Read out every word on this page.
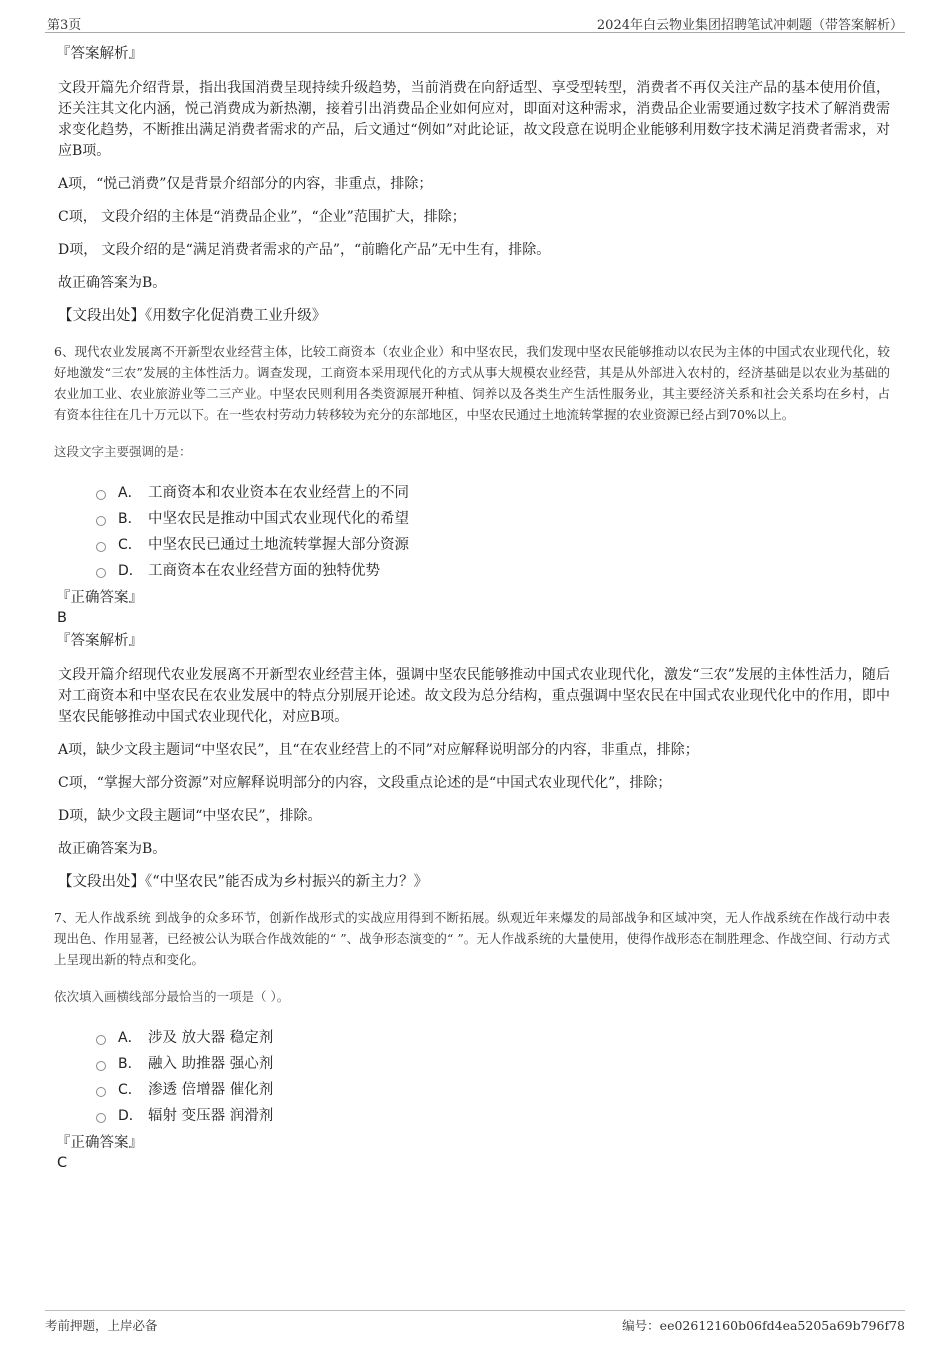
第3页	2024年白云物业集团招聘笔试冲刺题（带答案解析）

『答案解析』

文段开篇先介绍背景，指出我国消费呈现持续升级趋势，当前消费在向舒适型、享受型转型，消费者不再仅关注产品的基本使用价值，还关注其文化内涵，悦己消费成为新热潮，接着引出消费品企业如何应对，即面对这种需求，消费品企业需要通过数字技术了解消费需求变化趋势，不断推出满足消费者需求的产品，后文通过“例如”对此论证，故文段意在说明企业能够利用数字技术满足消费者需求，对应B项。

A项，“悦己消费”仅是背景介绍部分的内容，非重点，排除；

C项， 文段介绍的主体是“消费品企业”，“企业”范围扩大，排除；

D项， 文段介绍的是“满足消费者需求的产品”，“前瞻化产品”无中生有，排除。

故正确答案为B。

【文段出处】《用数字化促消费工业升级》

6、现代农业发展离不开新型农业经营主体，比较工商资本（农业企业）和中坚农民，我们发现中坚农民能够推动以农民为主体的中国式农业现代化，较好地激发“三农”发展的主体性活力。调查发现，工商资本采用现代化的方式从事大规模农业经营，其是从外部进入农村的，经济基础是以农业为基础的农业加工业、农业旅游业等二三产业。中坚农民则利用各类资源展开种植、饲养以及各类生产生活性服务业，其主要经济关系和社会关系均在乡村，占有资本往往在几十万元以下。在一些农村劳动力转移较为充分的东部地区，中坚农民通过土地流转掌握的农业资源已经占到70%以上。

这段文字主要强调的是：

A． 工商资本和农业资本在农业经营上的不同
B． 中坚农民是推动中国式农业现代化的希望
C． 中坚农民已通过土地流转掌握大部分资源
D． 工商资本在农业经营方面的独特优势

『正确答案』

B

『答案解析』

文段开篇介绍现代农业发展离不开新型农业经营主体，强调中坚农民能够推动中国式农业现代化，激发“三农”发展的主体性活力，随后对工商资本和中坚农民在农业发展中的特点分别展开论述。故文段为总分结构，重点强调中坚农民在中国式农业现代化中的作用，即中坚农民能够推动中国式农业现代化，对应B项。

A项，缺少文段主题词“中坚农民”，且“在农业经营上的不同”对应解释说明部分的内容，非重点，排除；

C项，“掌握大部分资源”对应解释说明部分的内容，文段重点论述的是“中国式农业现代化”，排除；

D项，缺少文段主题词“中坚农民”，排除。

故正确答案为B。

【文段出处】《“中坚农民”能否成为乡村振兴的新主力？》

7、无人作战系统 到战争的众多环节，创新作战形式的实战应用得到不断拓展。纵观近年来爆发的局部战争和区域冲突，无人作战系统在作战行动中表现出色、作用显著，已经被公认为联合作战效能的“ ”、战争形态演变的“ ”。无人作战系统的大量使用，使得作战形态在制胜理念、作战空间、行动方式上呈现出新的特点和变化。

依次填入画横线部分最恰当的一项是（ ）。

A． 涉及 放大器 稳定剂
B． 融入 助推器 强心剂
C． 渗透 倍增器 催化剂
D． 辐射 变压器 润滑剂

『正确答案』

C

考前押题，上岸必备	编号：ee02612160b06fd4ea5205a69b796f78
